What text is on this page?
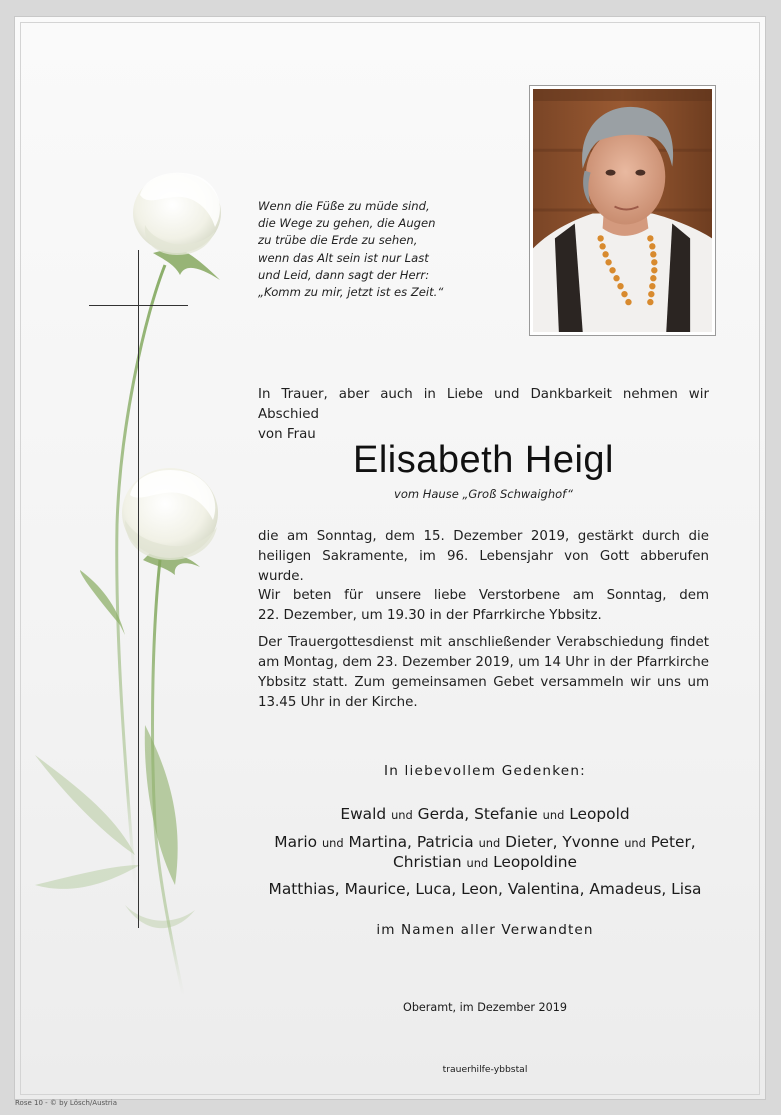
Wenn die Füße zu müde sind,
die Wege zu gehen, die Augen
zu trübe die Erde zu sehen,
wenn das Alt sein ist nur Last
und Leid, dann sagt der Herr:
„Komm zu mir, jetzt ist es Zeit.“
In Trauer, aber auch in Liebe und Dankbarkeit nehmen wir Abschied
von Frau
Elisabeth Heigl
vom Hause „Groß Schwaighof“
die am Sonntag, dem 15. Dezember 2019, gestärkt durch die
heiligen Sakramente, im 96. Lebensjahr von Gott abberufen wurde.
Wir beten für unsere liebe Verstorbene am Sonntag, dem
22. Dezember, um 19.30 in der Pfarrkirche Ybbsitz.
Der Trauergottesdienst mit anschließender Verabschiedung findet
am Montag, dem 23. Dezember 2019, um 14 Uhr in der Pfarrkirche
Ybbsitz statt. Zum gemeinsamen Gebet versammeln wir uns um
13.45 Uhr in der Kirche.
In liebevollem Gedenken:
Ewald und Gerda, Stefanie und Leopold
Mario und Martina, Patricia und Dieter, Yvonne und Peter,
Christian und Leopoldine
Matthias, Maurice, Luca, Leon, Valentina, Amadeus, Lisa
im Namen aller Verwandten
Oberamt, im Dezember 2019
trauerhilfe-ybbstal
Rose 10 - © by Lösch/Austria
